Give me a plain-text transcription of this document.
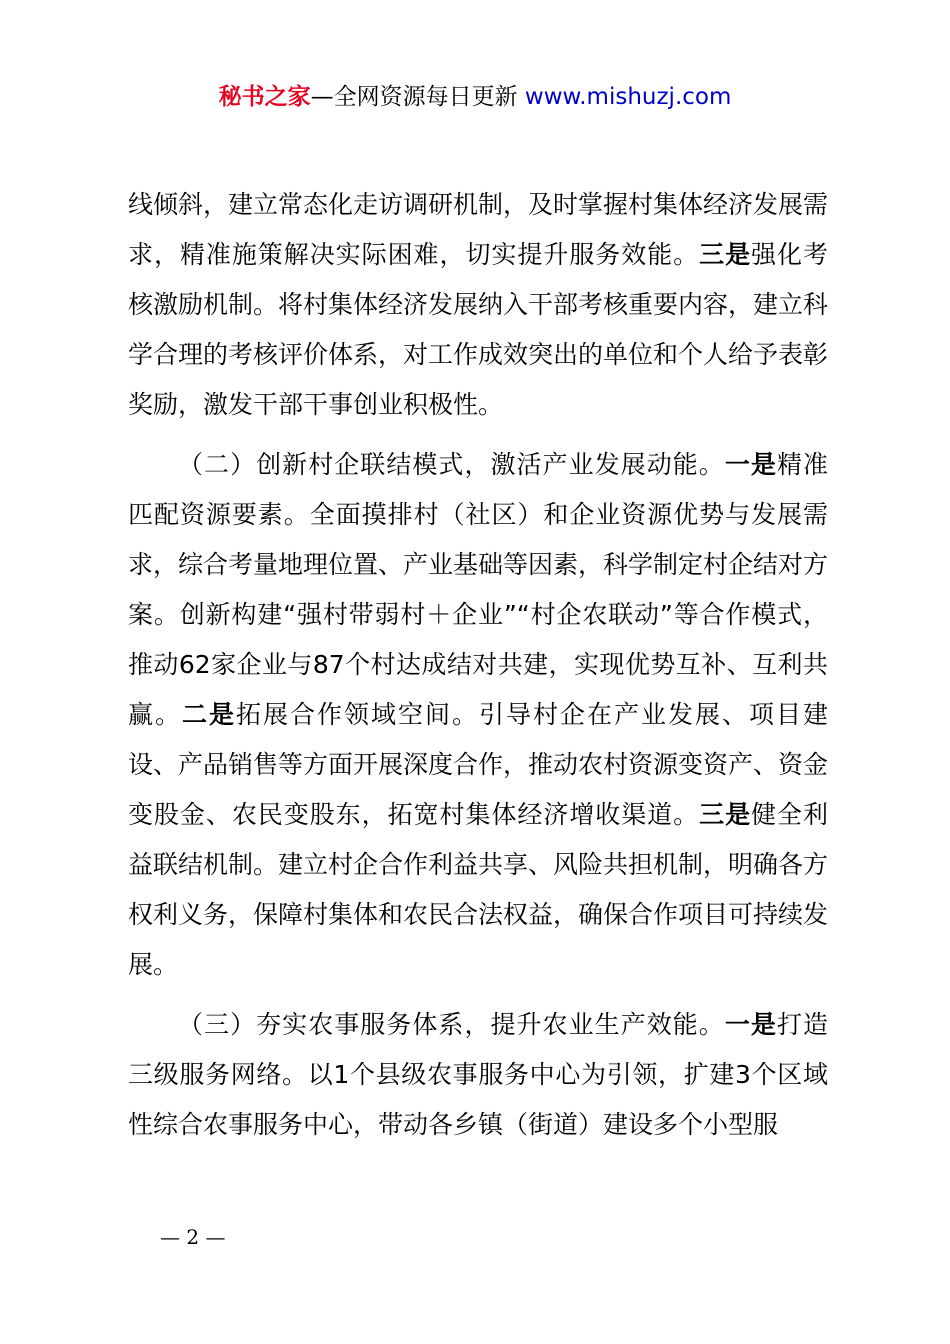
秘书之家—全网资源每日更新 www.mishuzj.com

线倾斜，建立常态化走访调研机制，及时掌握村集体经济发展需求，精准施策解决实际困难，切实提升服务效能。三是强化考核激励机制。将村集体经济发展纳入干部考核重要内容，建立科学合理的考核评价体系，对工作成效突出的单位和个人给予表彰奖励，激发干部干事创业积极性。

（二）创新村企联结模式，激活产业发展动能。一是精准匹配资源要素。全面摸排村（社区）和企业资源优势与发展需求，综合考量地理位置、产业基础等因素，科学制定村企结对方案。创新构建“强村带弱村＋企业”“村企农联动”等合作模式，推动62家企业与87个村达成结对共建，实现优势互补、互利共赢。二是拓展合作领域空间。引导村企在产业发展、项目建设、产品销售等方面开展深度合作，推动农村资源变资产、资金变股金、农民变股东，拓宽村集体经济增收渠道。三是健全利益联结机制。建立村企合作利益共享、风险共担机制，明确各方权利义务，保障村集体和农民合法权益，确保合作项目可持续发展。

（三）夯实农事服务体系，提升农业生产效能。一是打造三级服务网络。以1个县级农事服务中心为引领，扩建3个区域性综合农事服务中心，带动各乡镇（街道）建设多个小型服

— 2 —
